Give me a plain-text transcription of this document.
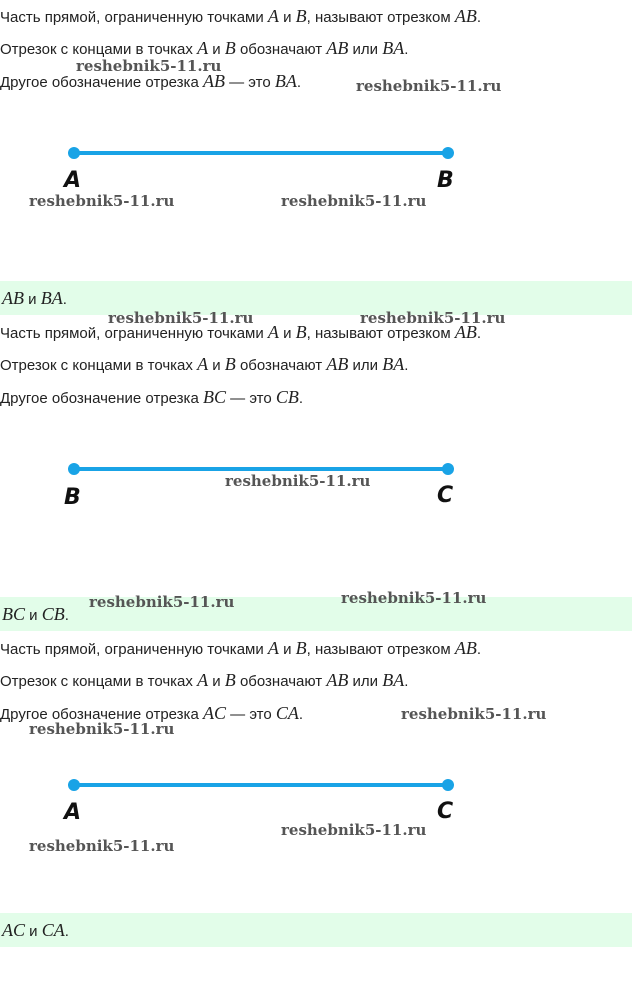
Часть прямой, ограниченную точками A и B, называют отрезком AB.
Отрезок с концами в точках A и B обозначают AB или BA.
Другое обозначение отрезка AB — это BA.
A	B
AB и BA.
Часть прямой, ограниченную точками A и B, называют отрезком AB.
Отрезок с концами в точках A и B обозначают AB или BA.
Другое обозначение отрезка BC — это CB.
B	C
BC и CB.
Часть прямой, ограниченную точками A и B, называют отрезком AB.
Отрезок с концами в точках A и B обозначают AB или BA.
Другое обозначение отрезка AC — это CA.
A	C
AC и CA.
reshebnik5-11.ru
reshebnik5-11.ru
reshebnik5-11.ru	reshebnik5-11.ru
reshebnik5-11.ru	reshebnik5-11.ru
reshebnik5-11.ru
reshebnik5-11.ru	reshebnik5-11.ru
reshebnik5-11.ru
reshebnik5-11.ru
reshebnik5-11.ru
reshebnik5-11.ru
